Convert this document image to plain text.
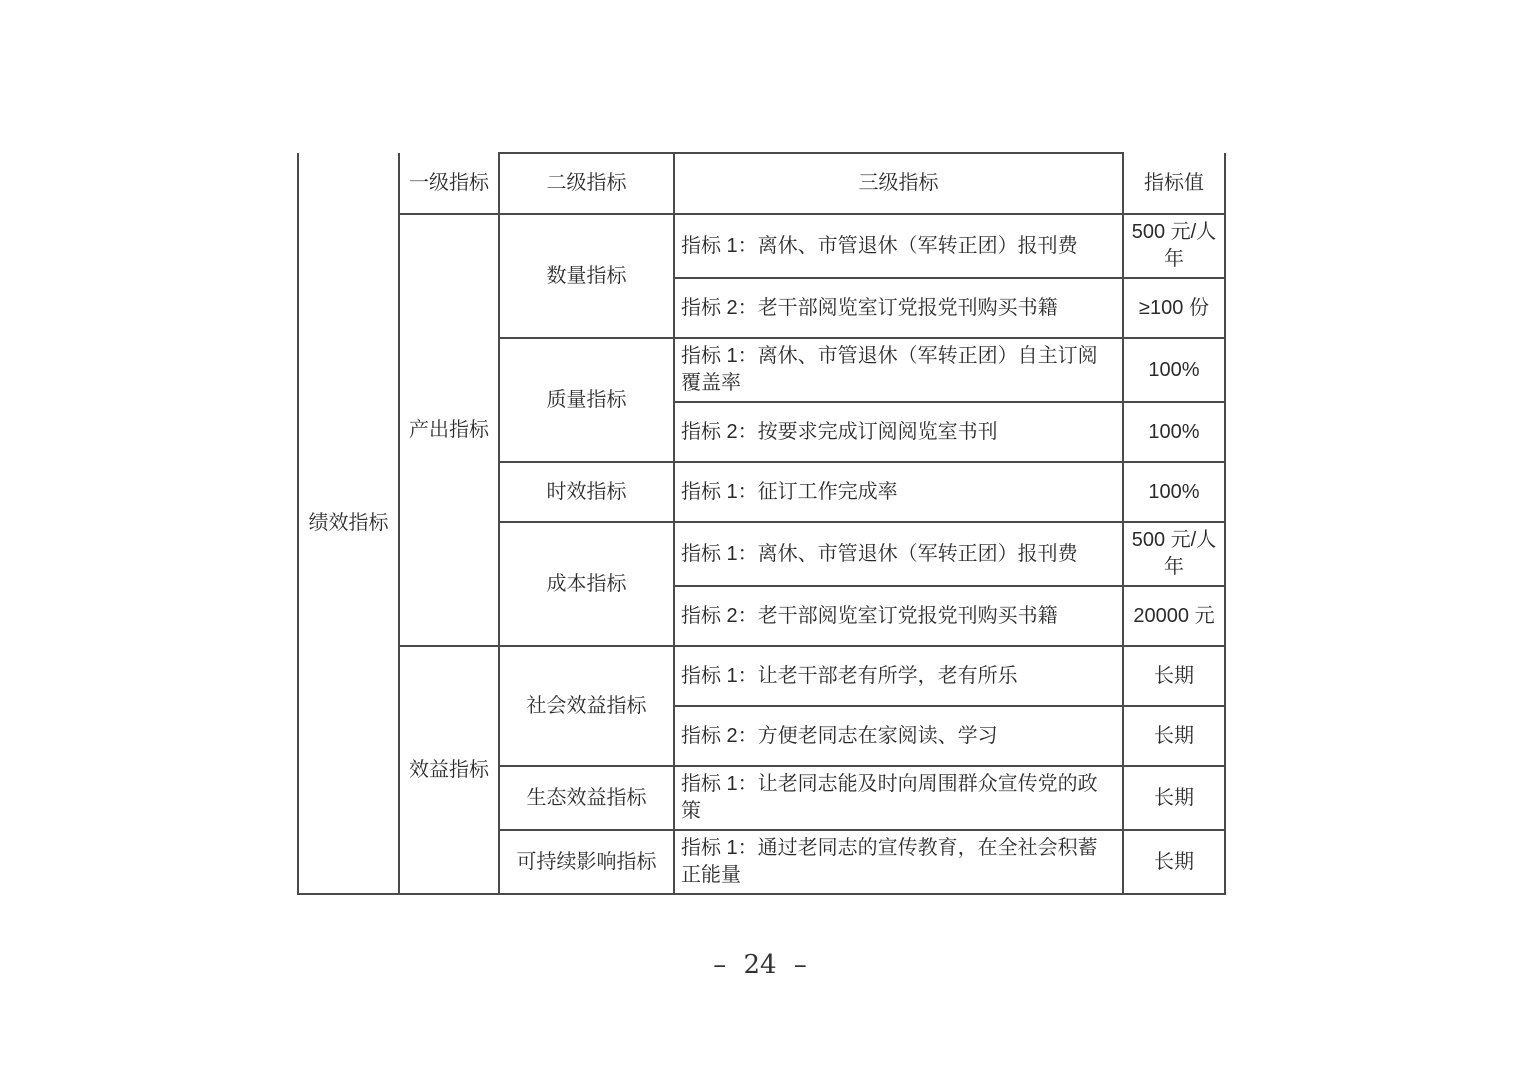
绩效指标	一级指标	二级指标	三级指标	指标值
	产出指标	数量指标	指标 1：离休、市管退休（军转正团）报刊费	500 元/人年
			指标 2：老干部阅览室订党报党刊购买书籍	≥100 份
		质量指标	指标 1：离休、市管退休（军转正团）自主订阅覆盖率	100%
			指标 2：按要求完成订阅阅览室书刊	100%
		时效指标	指标 1：征订工作完成率	100%
		成本指标	指标 1：离休、市管退休（军转正团）报刊费	500 元/人年
			指标 2：老干部阅览室订党报党刊购买书籍	20000 元
	效益指标	社会效益指标	指标 1：让老干部老有所学，老有所乐	长期
			指标 2：方便老同志在家阅读、学习	长期
		生态效益指标	指标 1：让老同志能及时向周围群众宣传党的政策	长期
		可持续影响指标	指标 1：通过老同志的宣传教育，在全社会积蓄正能量	长期
– 24 –
